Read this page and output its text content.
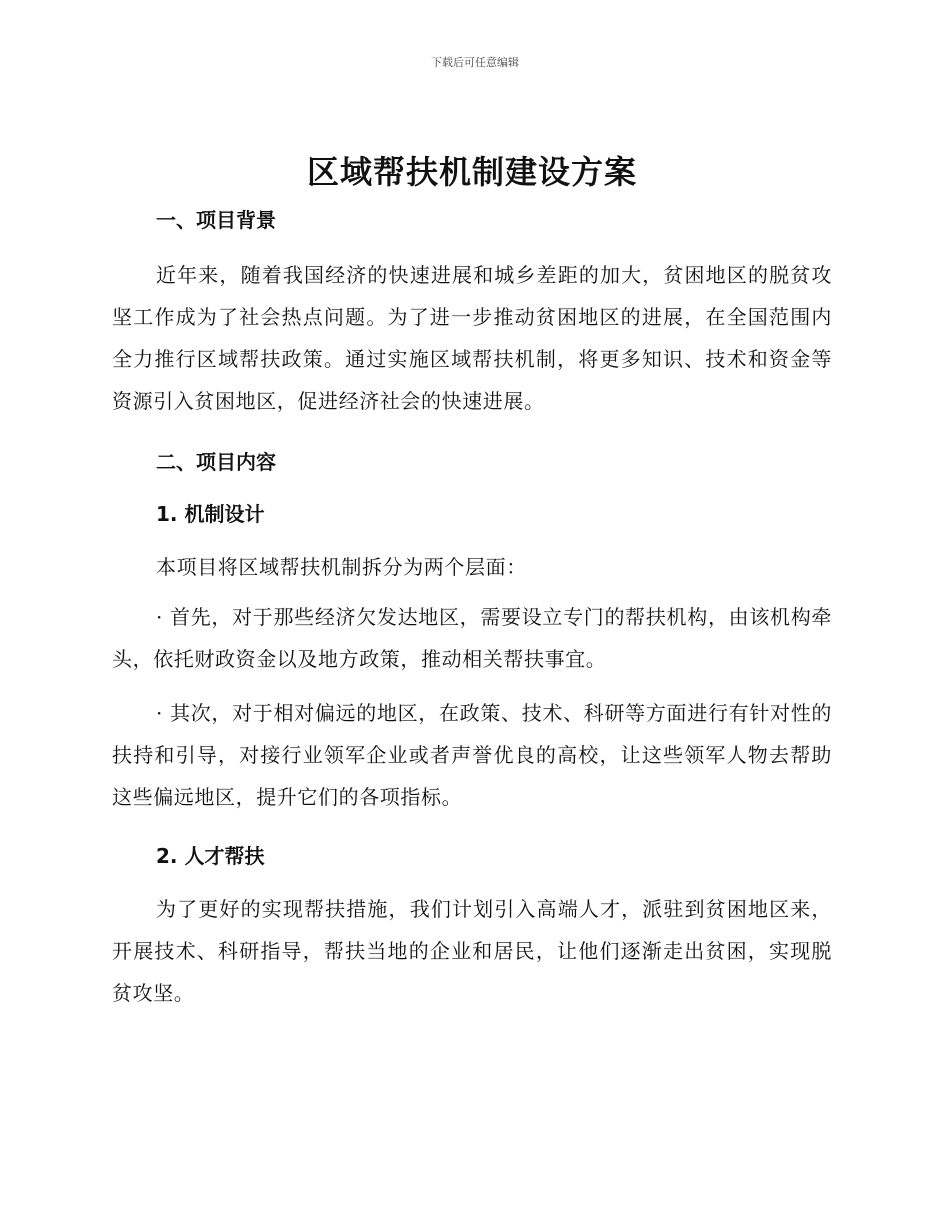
下载后可任意编辑
区域帮扶机制建设方案
一、项目背景

近年来，随着我国经济的快速进展和城乡差距的加大，贫困地区的脱贫攻坚工作成为了社会热点问题。为了进一步推动贫困地区的进展，在全国范围内全力推行区域帮扶政策。通过实施区域帮扶机制，将更多知识、技术和资金等资源引入贫困地区，促进经济社会的快速进展。

二、项目内容
1. 机制设计

本项目将区域帮扶机制拆分为两个层面：

· 首先，对于那些经济欠发达地区，需要设立专门的帮扶机构，由该机构牵头，依托财政资金以及地方政策，推动相关帮扶事宜。

· 其次，对于相对偏远的地区，在政策、技术、科研等方面进行有针对性的扶持和引导，对接行业领军企业或者声誉优良的高校，让这些领军人物去帮助这些偏远地区，提升它们的各项指标。

2. 人才帮扶

为了更好的实现帮扶措施，我们计划引入高端人才，派驻到贫困地区来，开展技术、科研指导，帮扶当地的企业和居民，让他们逐渐走出贫困，实现脱贫攻坚。
